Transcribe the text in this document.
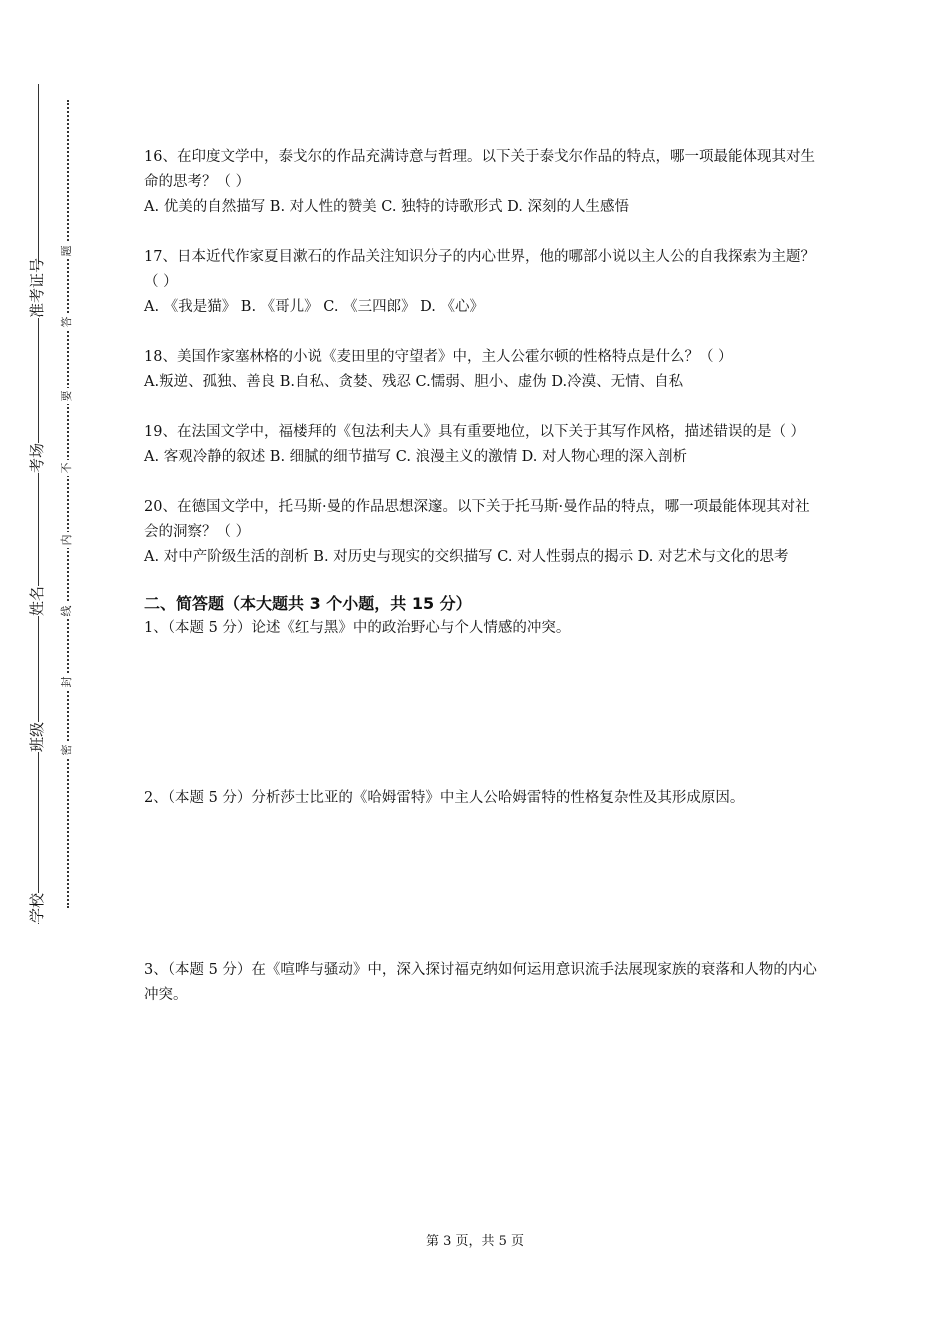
学校
班级
姓名
考场
准考证号
密
封
线
内
不
要
答
题

16、在印度文学中，泰戈尔的作品充满诗意与哲理。以下关于泰戈尔作品的特点，哪一项最能体现其对生命的思考？（ ）

A. 优美的自然描写 B. 对人性的赞美 C. 独特的诗歌形式 D. 深刻的人生感悟

17、日本近代作家夏目漱石的作品关注知识分子的内心世界，他的哪部小说以主人公的自我探索为主题？（ ）

A. 《我是猫》 B. 《哥儿》 C. 《三四郎》 D. 《心》

18、美国作家塞林格的小说《麦田里的守望者》中，主人公霍尔顿的性格特点是什么？（ ）

A.叛逆、孤独、善良 B.自私、贪婪、残忍 C.懦弱、胆小、虚伪 D.冷漠、无情、自私

19、在法国文学中，福楼拜的《包法利夫人》具有重要地位，以下关于其写作风格，描述错误的是（ ）

A. 客观冷静的叙述 B. 细腻的细节描写 C. 浪漫主义的激情 D. 对人物心理的深入剖析

20、在德国文学中，托马斯·曼的作品思想深邃。以下关于托马斯·曼作品的特点，哪一项最能体现其对社会的洞察？（ ）

A. 对中产阶级生活的剖析 B. 对历史与现实的交织描写 C. 对人性弱点的揭示 D. 对艺术与文化的思考

二、简答题（本大题共 3 个小题，共 15 分）

1、（本题 5 分）论述《红与黑》中的政治野心与个人情感的冲突。

2、（本题 5 分）分析莎士比亚的《哈姆雷特》中主人公哈姆雷特的性格复杂性及其形成原因。

3、（本题 5 分）在《喧哗与骚动》中，深入探讨福克纳如何运用意识流手法展现家族的衰落和人物的内心冲突。

第 3 页，共 5 页
